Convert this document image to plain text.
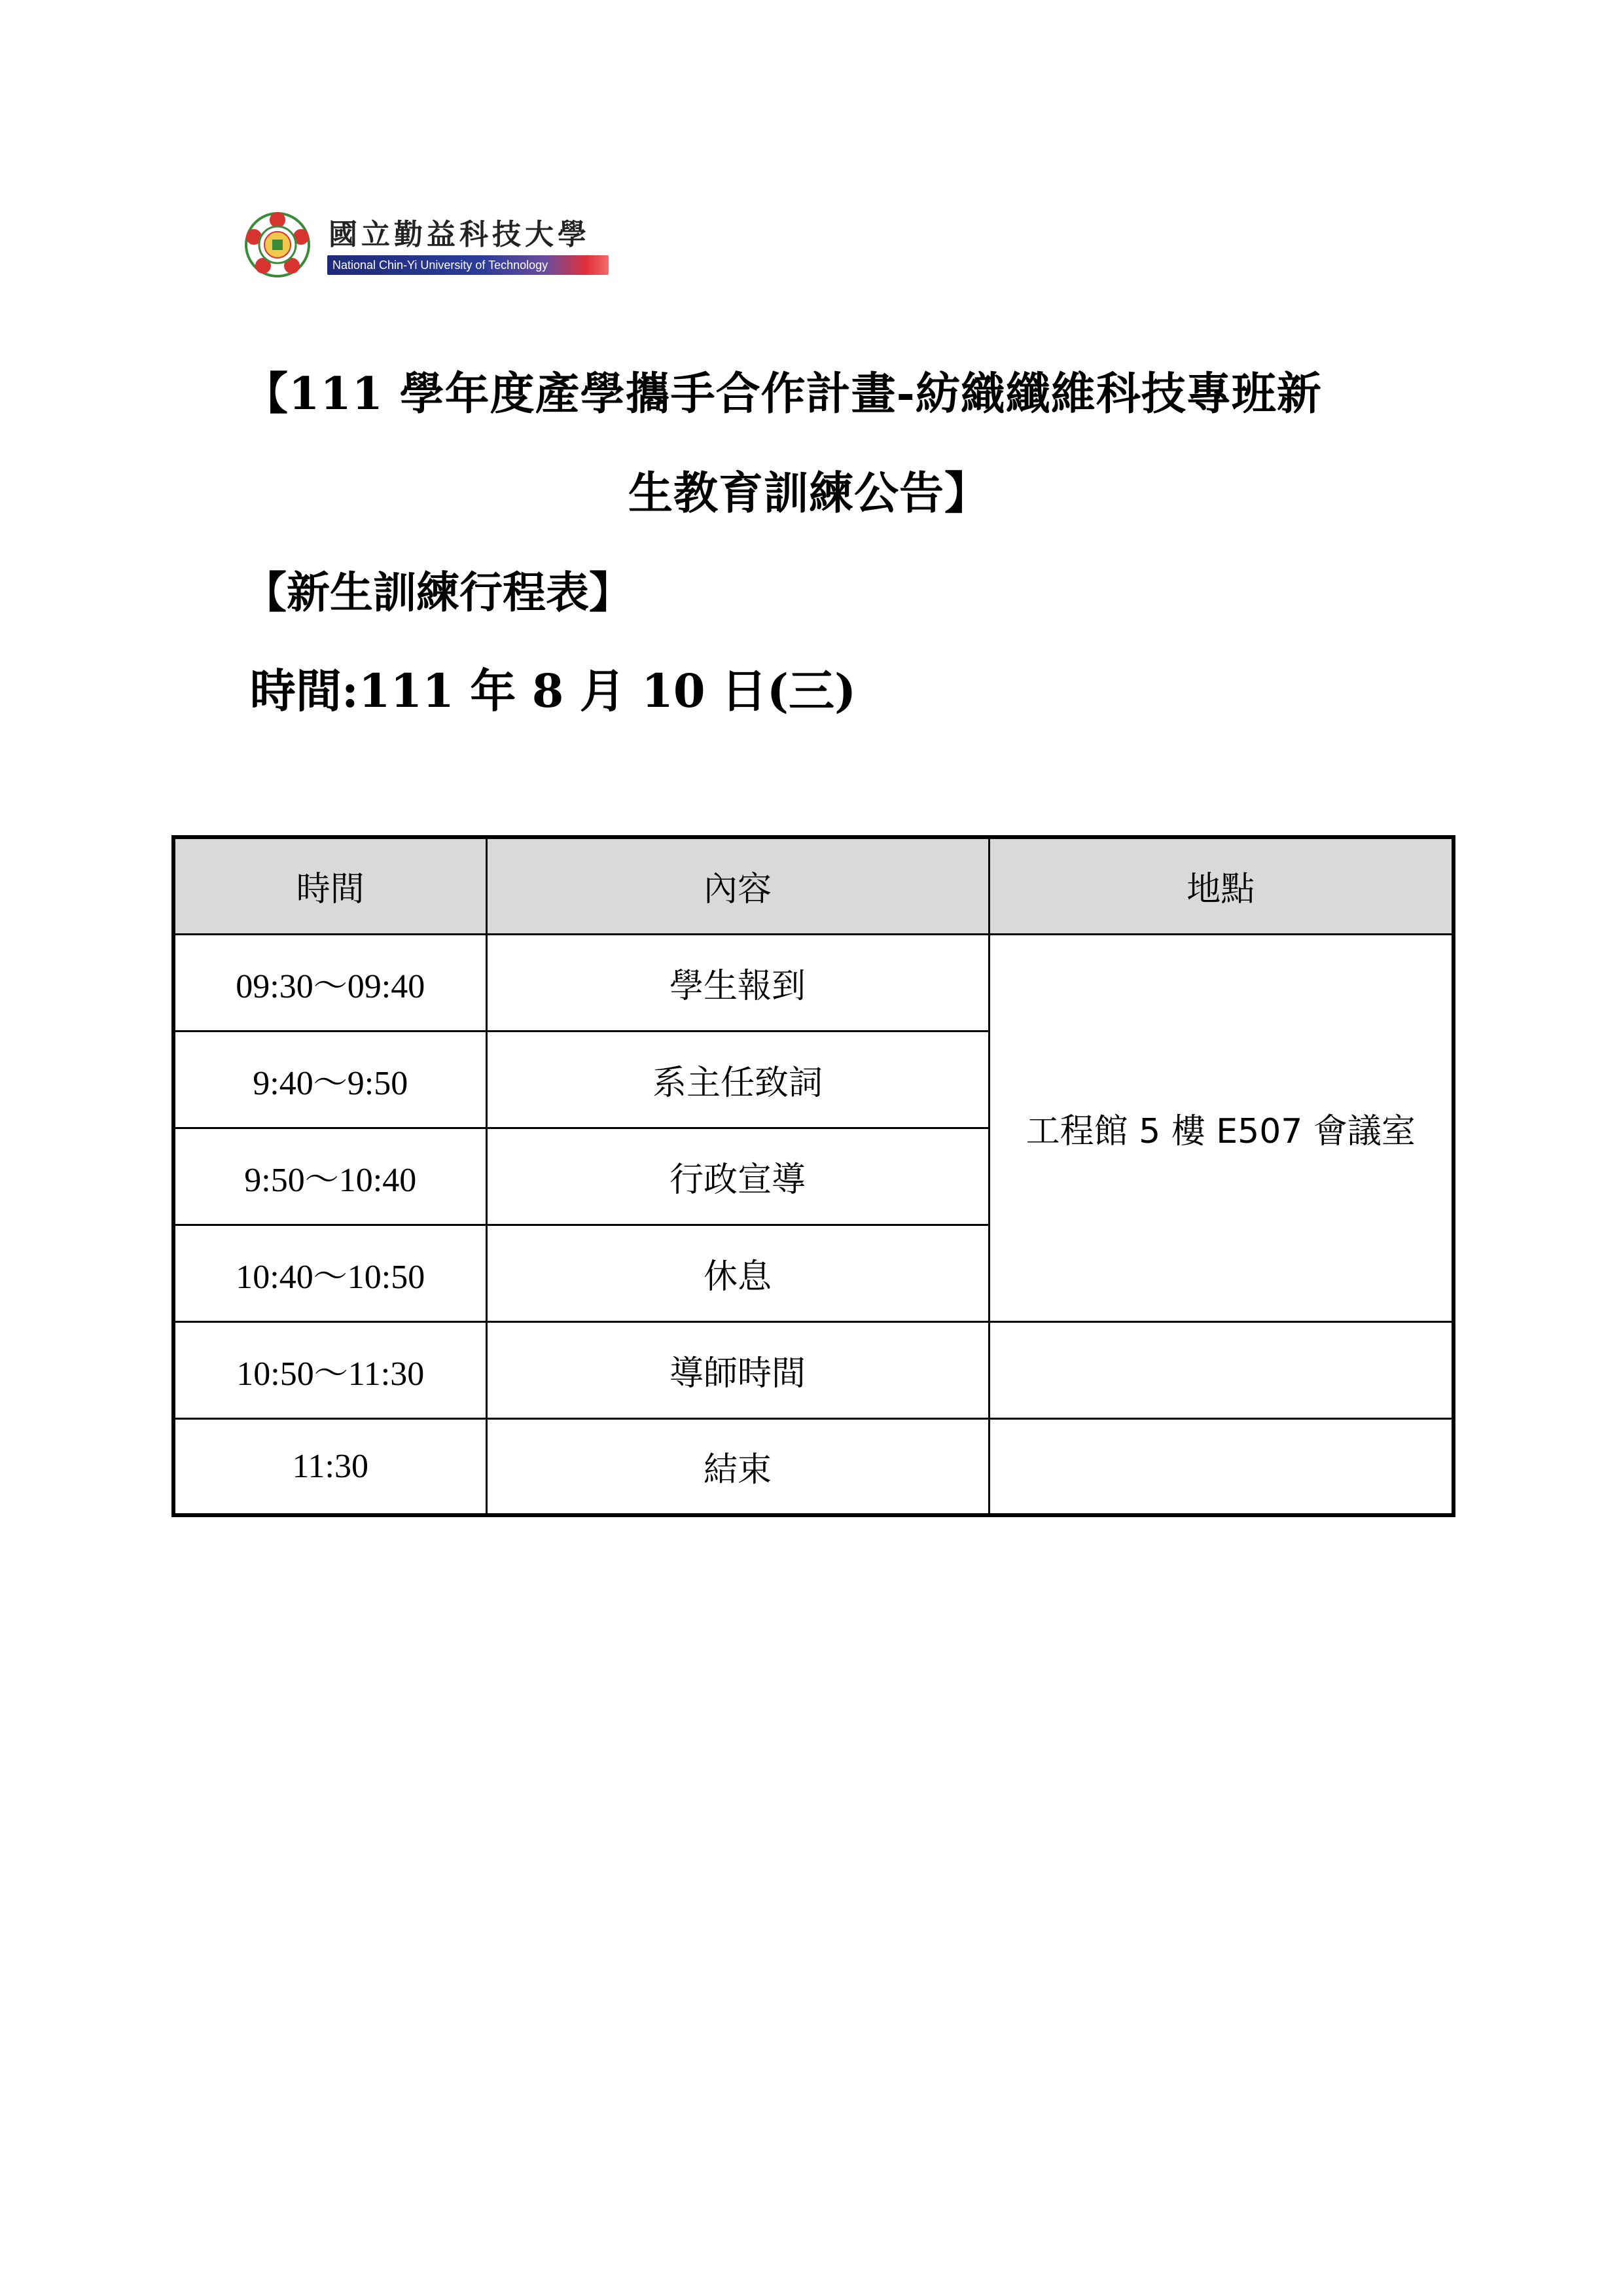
國立勤益科技大學
National Chin-Yi University of Technology
【111 學年度產學攜手合作計畫-紡織纖維科技專班新
生教育訓練公告】
【新生訓練行程表】
時間:111 年 8 月 10 日(三)
時間	內容	地點
09:30～09:40	學生報到	工程館 5 樓 E507 會議室
9:40～9:50	系主任致詞	
9:50～10:40	行政宣導	
10:40～10:50	休息	
10:50～11:30	導師時間	
11:30	結束	
